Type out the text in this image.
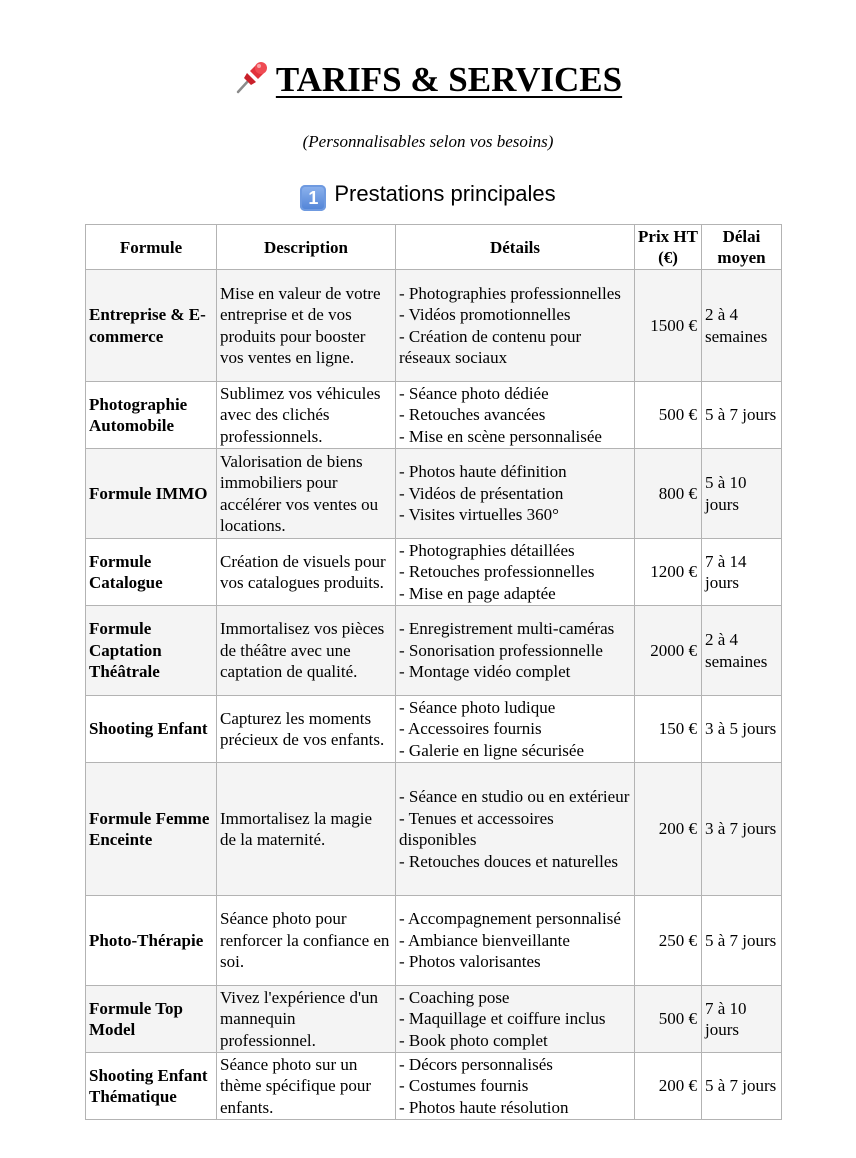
TARIFS & SERVICES
(Personnalisables selon vos besoins)
1 Prestations principales
Formule	Description	Détails	Prix HT (€)	Délai moyen
Entreprise & E-commerce	Mise en valeur de votre entreprise et de vos produits pour booster vos ventes en ligne.	- Photographies professionnelles
- Vidéos promotionnelles
- Création de contenu pour réseaux sociaux	1500 €	2 à 4 semaines
Photographie Automobile	Sublimez vos véhicules avec des clichés professionnels.	- Séance photo dédiée
- Retouches avancées
- Mise en scène personnalisée	500 €	5 à 7 jours
Formule IMMO	Valorisation de biens immobiliers pour accélérer vos ventes ou locations.	- Photos haute définition
- Vidéos de présentation
- Visites virtuelles 360°	800 €	5 à 10 jours
Formule Catalogue	Création de visuels pour vos catalogues produits.	- Photographies détaillées
- Retouches professionnelles
- Mise en page adaptée	1200 €	7 à 14 jours
Formule Captation Théâtrale	Immortalisez vos pièces de théâtre avec une captation de qualité.	- Enregistrement multi-caméras
- Sonorisation professionnelle
- Montage vidéo complet	2000 €	2 à 4 semaines
Shooting Enfant	Capturez les moments précieux de vos enfants.	- Séance photo ludique
- Accessoires fournis
- Galerie en ligne sécurisée	150 €	3 à 5 jours
Formule Femme Enceinte	Immortalisez la magie de la maternité.	- Séance en studio ou en extérieur
- Tenues et accessoires disponibles
- Retouches douces et naturelles	200 €	3 à 7 jours
Photo-Thérapie	Séance photo pour renforcer la confiance en soi.	- Accompagnement personnalisé
- Ambiance bienveillante
- Photos valorisantes	250 €	5 à 7 jours
Formule Top Model	Vivez l'expérience d'un mannequin professionnel.	- Coaching pose
- Maquillage et coiffure inclus
- Book photo complet	500 €	7 à 10 jours
Shooting Enfant Thématique	Séance photo sur un thème spécifique pour enfants.	- Décors personnalisés
- Costumes fournis
- Photos haute résolution	200 €	5 à 7 jours
